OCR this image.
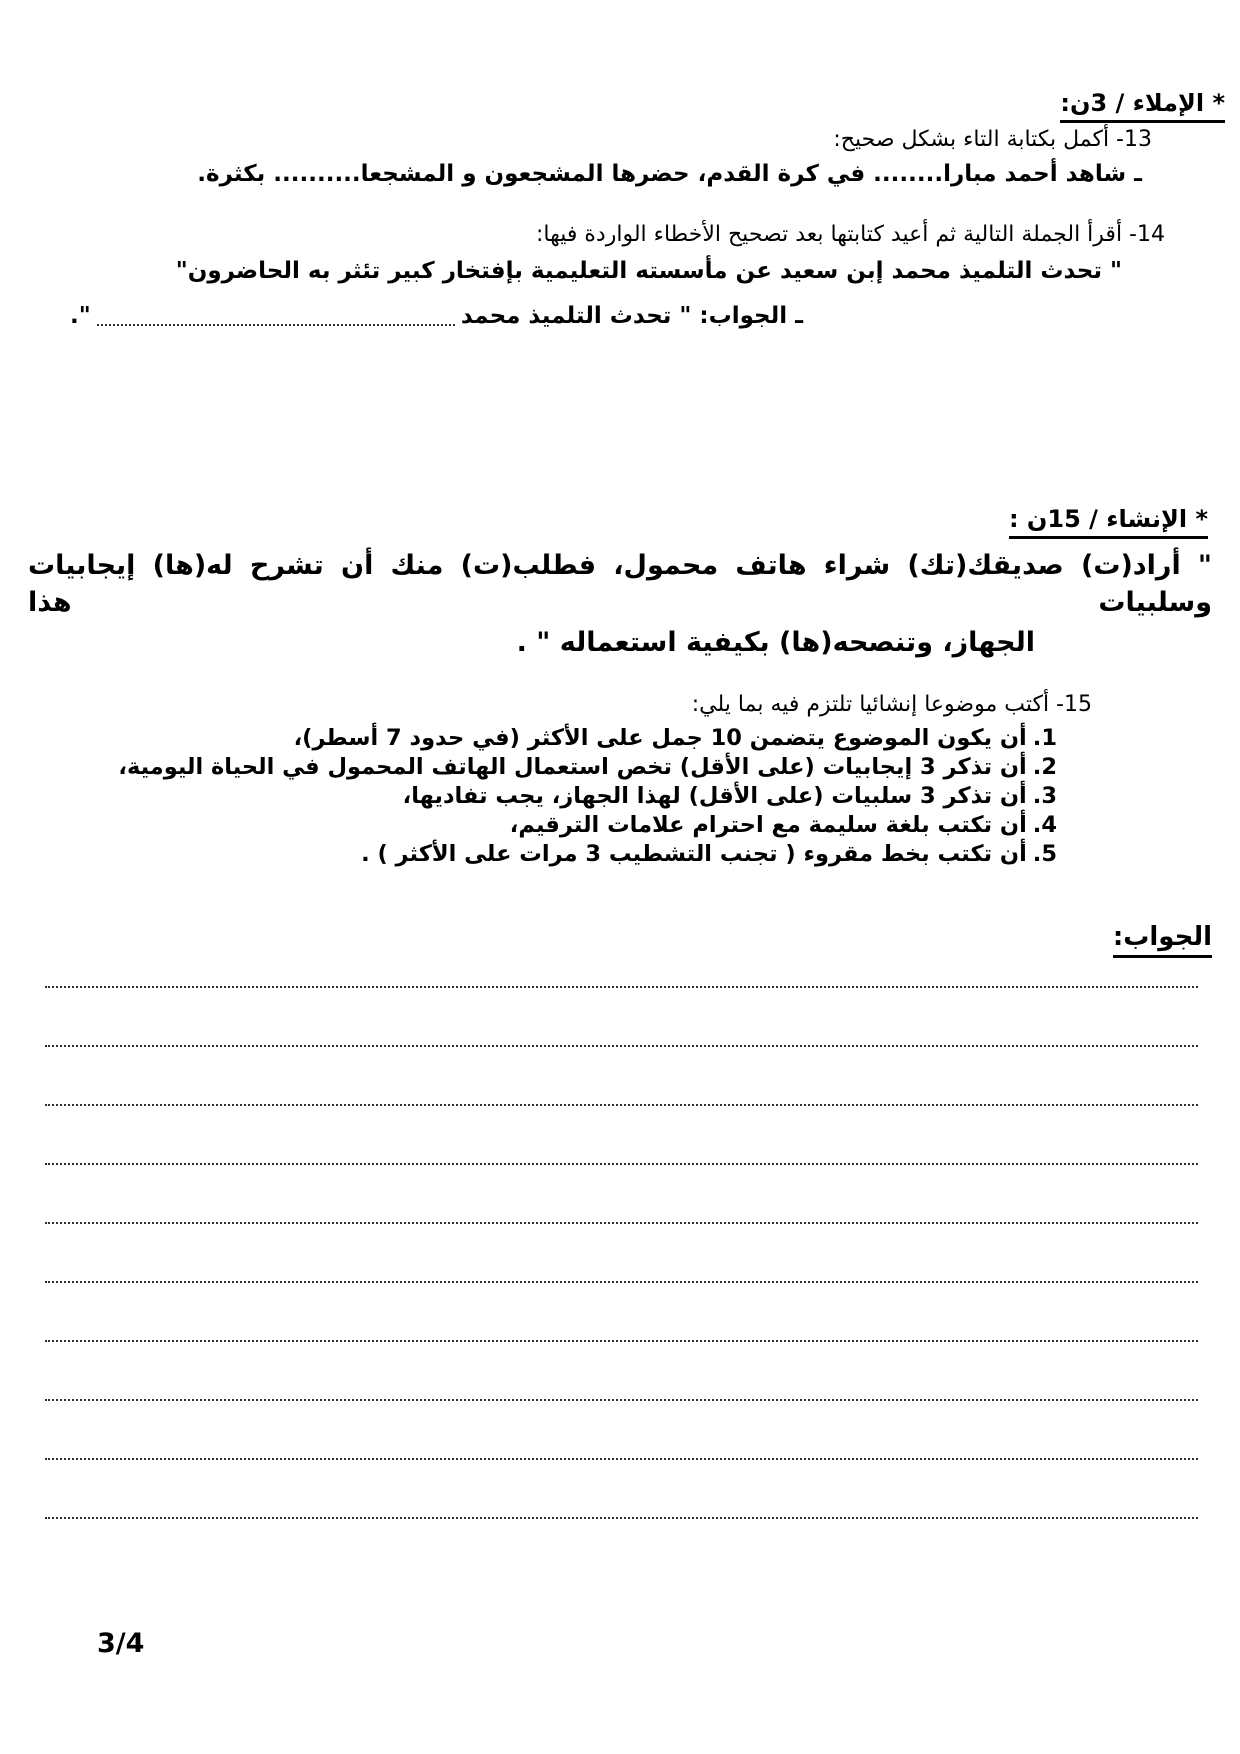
* الإملاء / 3ن:
13- أكمل بكتابة التاء بشكل صحيح:
ـ شاهد أحمد مبارا........ في كرة القدم، حضرها المشجعون و المشجعا.......... بكثرة.
14- أقرأ الجملة التالية ثم أعيد كتابتها بعد تصحيح الأخطاء الواردة فيها:
" تحدث التلميذ محمد إبن سعيد عن مأسسته التعليمية بإفتخار كبير تئثر به الحاضرون"
ـ الجواب: " تحدث التلميذ محمد
".
* الإنشاء / 15ن :
" أراد(ت) صديقك(تك) شراء هاتف محمول، فطلب(ت) منك أن تشرح له(ها) إيجابيات وسلبيات هذا
الجهاز، وتنصحه(ها) بكيفية استعماله " .
15- أكتب موضوعا إنشائيا تلتزم فيه بما يلي:
1.أن يكون الموضوع يتضمن 10 جمل على الأكثر (في حدود 7 أسطر)،
2.أن تذكر 3 إيجابيات (على الأقل) تخص استعمال الهاتف المحمول في الحياة اليومية،
3.أن تذكر 3 سلبيات (على الأقل) لهذا الجهاز، يجب تفاديها،
4.أن تكتب بلغة سليمة مع احترام علامات الترقيم،
5.أن تكتب بخط مقروء ( تجنب التشطيب 3 مرات على الأكثر ) .
الجواب:
3/4
